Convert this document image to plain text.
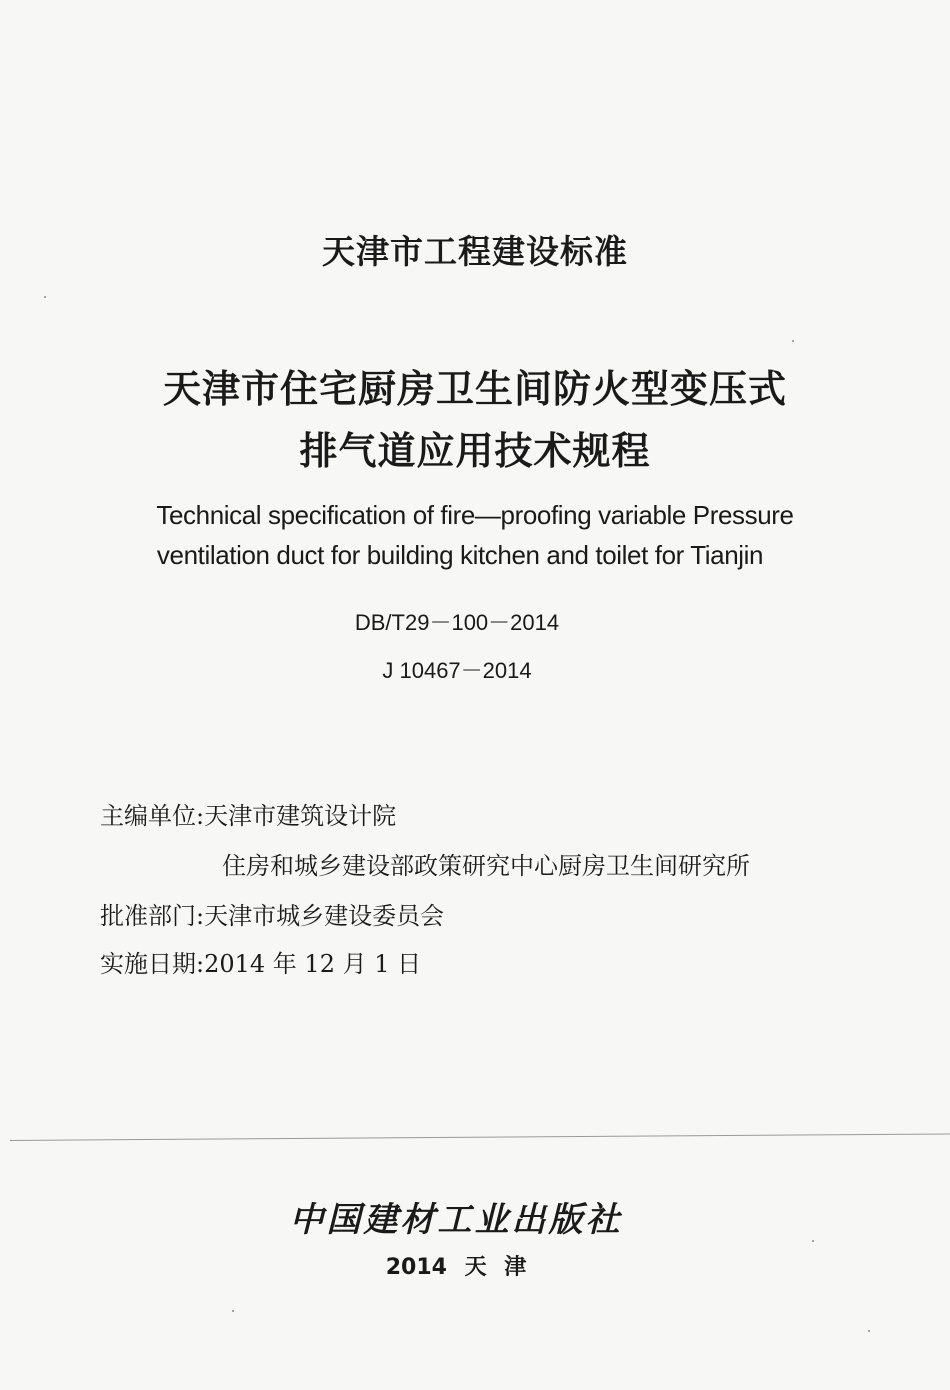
天津市工程建设标准
天津市住宅厨房卫生间防火型变压式
排气道应用技术规程
Technical specification of fire—proofing variable Pressure
ventilation duct for building kitchen and toilet for Tianjin
DB/T29－100－2014
J 10467－2014
主编单位:天津市建筑设计院
住房和城乡建设部政策研究中心厨房卫生间研究所
批准部门:天津市城乡建设委员会
实施日期:2014 年 12 月 1 日
中国建材工业出版社
2014 天 津
